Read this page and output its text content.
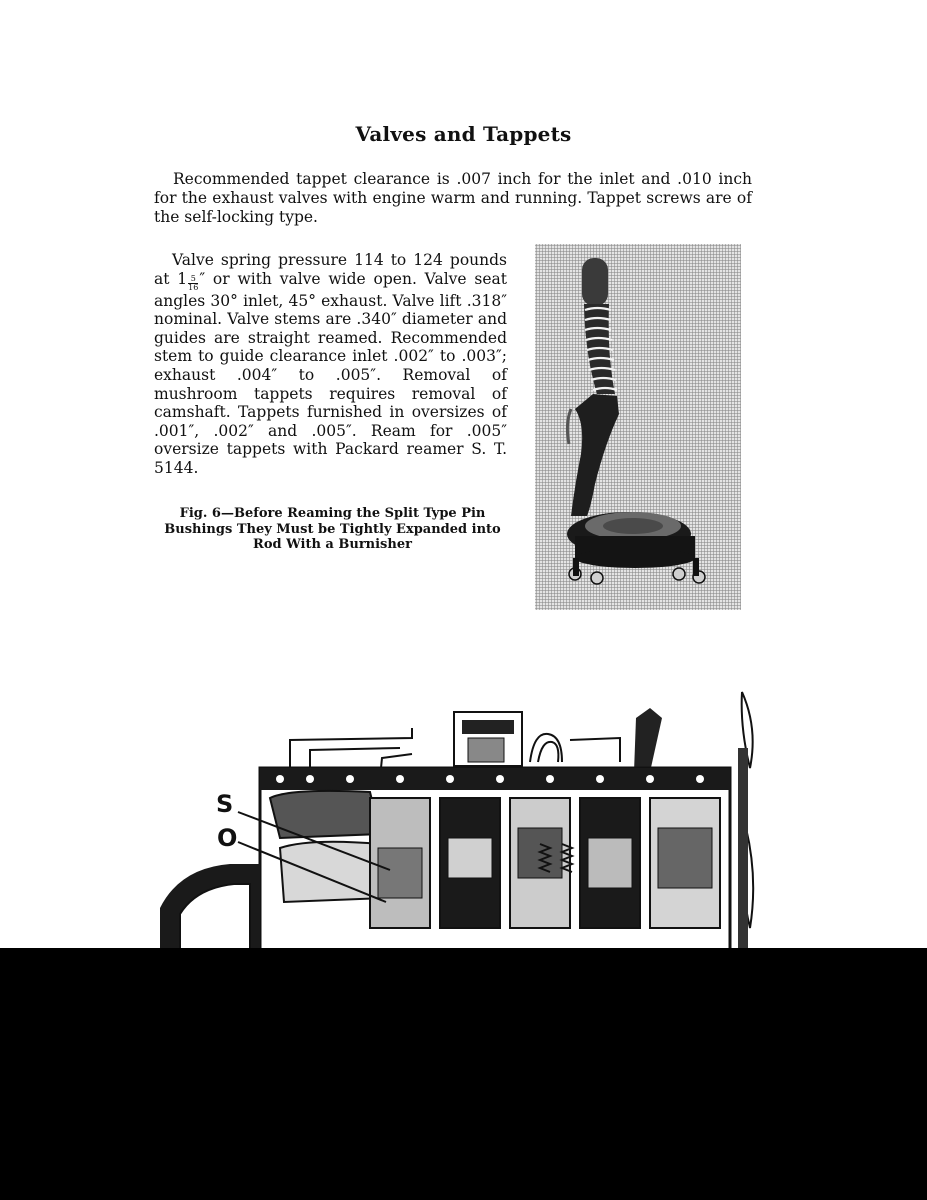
Valves and Tappets

Recommended tappet clearance is .007 inch for the inlet and .010 inch for the exhaust valves with engine warm and running. Tappet screws are of the self-locking type.

Valve spring pressure 114 to 124 pounds at $1 \frac{5}{16}$ ″ or with valve wide open. Valve seat angles 30° inlet, 45° exhaust. Valve lift .318″ nominal. Valve stems are .340″ diameter and guides are straight reamed. Recommended stem to guide clearance inlet .002″ to .003″; exhaust .004″ to .005″. Removal of mushroom tappets requires removal of camshaft. Tappets furnished in oversizes of .001″, .002″ and .005″. Ream for .005″ oversize tappets with Packard reamer S. T. 5144.

Fig. 6—Before Reaming the Split Type Pin
Bushings They Must be Tightly Expanded into
Rod With a Burnisher

S
O
